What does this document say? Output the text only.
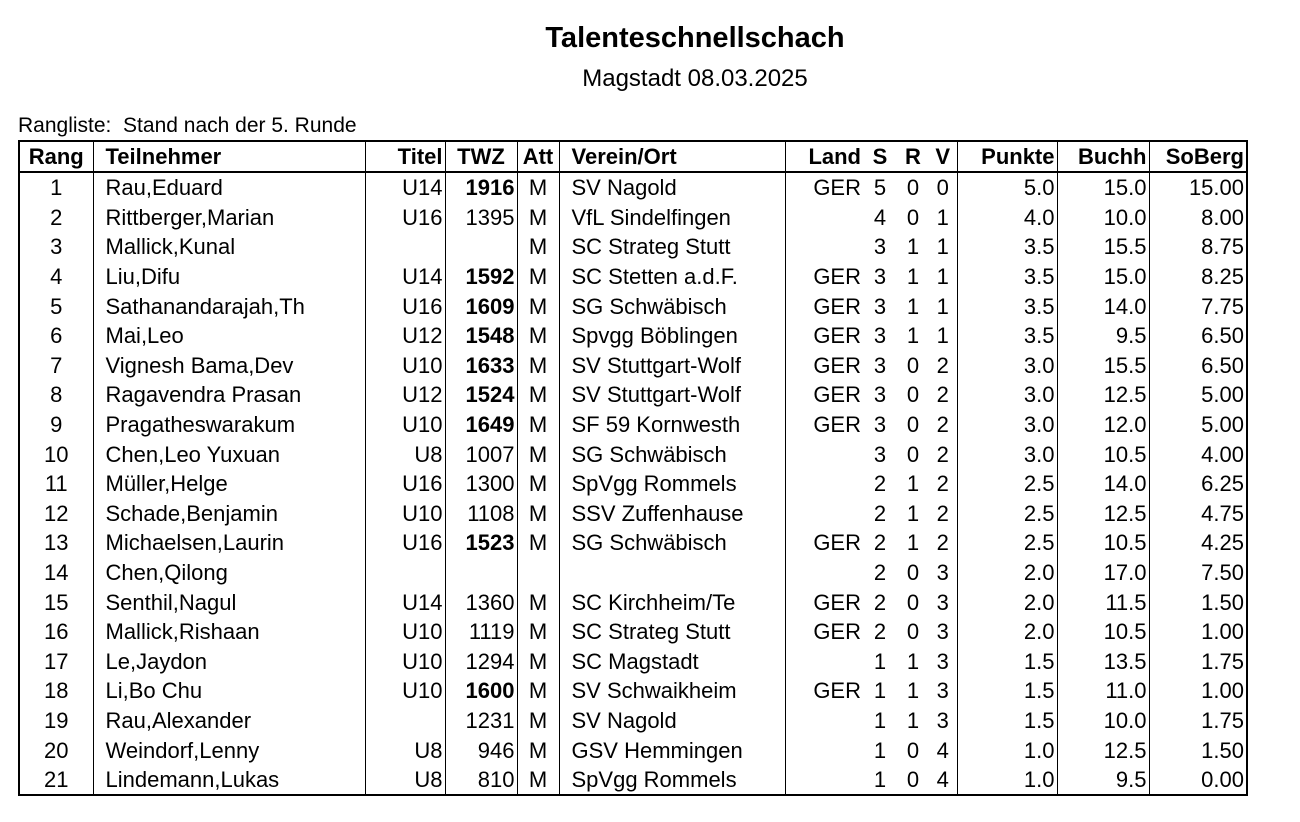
Talenteschnellschach
Magstadt 08.03.2025
Rangliste:  Stand nach der 5. Runde
Rang	Teilnehmer	Titel	TWZ	Att	Verein/Ort	Land	S	R	V	Punkte	Buchh	SoBerg
1	Rau,Eduard	U14	1916	M	SV Nagold	GER	5	0	0	5.0	15.0	15.00
2	Rittberger,Marian	U16	1395	M	VfL Sindelfingen		4	0	1	4.0	10.0	8.00
3	Mallick,Kunal			M	SC Strateg Stutt		3	1	1	3.5	15.5	8.75
4	Liu,Difu	U14	1592	M	SC Stetten a.d.F.	GER	3	1	1	3.5	15.0	8.25
5	Sathanandarajah,Th	U16	1609	M	SG Schwäbisch	GER	3	1	1	3.5	14.0	7.75
6	Mai,Leo	U12	1548	M	Spvgg Böblingen	GER	3	1	1	3.5	9.5	6.50
7	Vignesh Bama,Dev	U10	1633	M	SV Stuttgart-Wolf	GER	3	0	2	3.0	15.5	6.50
8	Ragavendra Prasan	U12	1524	M	SV Stuttgart-Wolf	GER	3	0	2	3.0	12.5	5.00
9	Pragatheswarakum	U10	1649	M	SF 59 Kornwesth	GER	3	0	2	3.0	12.0	5.00
10	Chen,Leo Yuxuan	U8	1007	M	SG Schwäbisch		3	0	2	3.0	10.5	4.00
11	Müller,Helge	U16	1300	M	SpVgg Rommels		2	1	2	2.5	14.0	6.25
12	Schade,Benjamin	U10	1108	M	SSV Zuffenhause		2	1	2	2.5	12.5	4.75
13	Michaelsen,Laurin	U16	1523	M	SG Schwäbisch	GER	2	1	2	2.5	10.5	4.25
14	Chen,Qilong						2	0	3	2.0	17.0	7.50
15	Senthil,Nagul	U14	1360	M	SC Kirchheim/Te	GER	2	0	3	2.0	11.5	1.50
16	Mallick,Rishaan	U10	1119	M	SC Strateg Stutt	GER	2	0	3	2.0	10.5	1.00
17	Le,Jaydon	U10	1294	M	SC Magstadt		1	1	3	1.5	13.5	1.75
18	Li,Bo Chu	U10	1600	M	SV Schwaikheim	GER	1	1	3	1.5	11.0	1.00
19	Rau,Alexander		1231	M	SV Nagold		1	1	3	1.5	10.0	1.75
20	Weindorf,Lenny	U8	946	M	GSV Hemmingen		1	0	4	1.0	12.5	1.50
21	Lindemann,Lukas	U8	810	M	SpVgg Rommels		1	0	4	1.0	9.5	0.00
